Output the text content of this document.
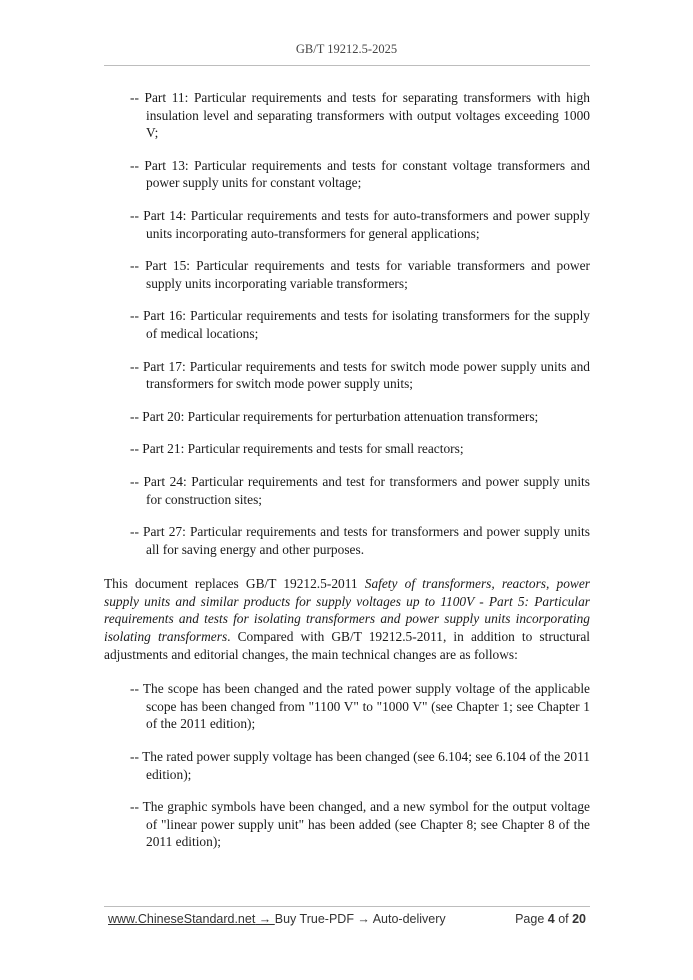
GB/T 19212.5-2025
-- Part 11: Particular requirements and tests for separating transformers with high insulation level and separating transformers with output voltages exceeding 1000 V;
-- Part 13: Particular requirements and tests for constant voltage transformers and power supply units for constant voltage;
-- Part 14: Particular requirements and tests for auto-transformers and power supply units incorporating auto-transformers for general applications;
-- Part 15: Particular requirements and tests for variable transformers and power supply units incorporating variable transformers;
-- Part 16: Particular requirements and tests for isolating transformers for the supply of medical locations;
-- Part 17: Particular requirements and tests for switch mode power supply units and transformers for switch mode power supply units;
-- Part 20: Particular requirements for perturbation attenuation transformers;
-- Part 21: Particular requirements and tests for small reactors;
-- Part 24: Particular requirements and test for transformers and power supply units for construction sites;
-- Part 27: Particular requirements and tests for transformers and power supply units all for saving energy and other purposes.

This document replaces GB/T 19212.5-2011 Safety of transformers, reactors, power supply units and similar products for supply voltages up to 1100V - Part 5: Particular requirements and tests for isolating transformers and power supply units incorporating isolating transformers. Compared with GB/T 19212.5-2011, in addition to structural adjustments and editorial changes, the main technical changes are as follows:

-- The scope has been changed and the rated power supply voltage of the applicable scope has been changed from "1100 V" to "1000 V" (see Chapter 1; see Chapter 1 of the 2011 edition);
-- The rated power supply voltage has been changed (see 6.104; see 6.104 of the 2011 edition);
-- The graphic symbols have been changed, and a new symbol for the output voltage of "linear power supply unit" has been added (see Chapter 8; see Chapter 8 of the 2011 edition);
www.ChineseStandard.net → Buy True-PDF → Auto-delivery	Page 4 of 20
